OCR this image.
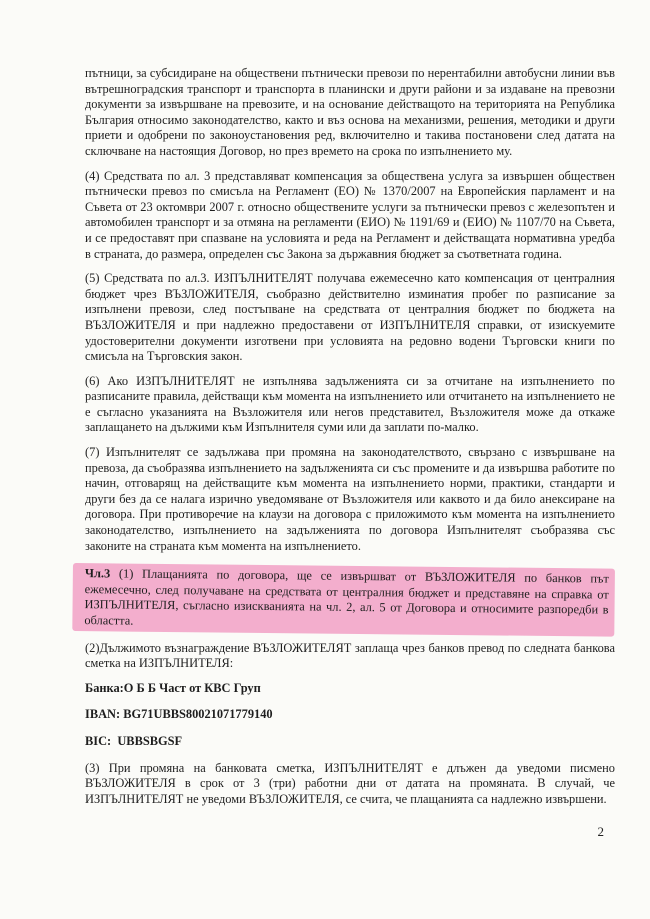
пътници, за субсидиране на обществени пътнически превози по нерентабилни автобусни линии във вътрешноградския транспорт и транспорта в планински и други райони и за издаване на превозни документи за извършване на превозите, и на основание действащото на територията на Република България относимо законодателство, както и въз основа на механизми, решения, методики и други приети и одобрени по законоустановения ред, включително и такива постановени след датата на сключване на настоящия Договор, но през времето на срока по изпълнението му.

(4) Средствата по ал. 3 представляват компенсация за обществена услуга за извършен обществен пътнически превоз по смисъла на Регламент (ЕО) № 1370/2007 на Европейския парламент и на Съвета от 23 октомври 2007 г. относно обществените услуги за пътнически превоз с железопътен и автомобилен транспорт и за отмяна на регламенти (ЕИО) № 1191/69 и (ЕИО) № 1107/70 на Съвета, и се предоставят при спазване на условията и реда на Регламент и действащата нормативна уредба в страната, до размера, определен със Закона за държавния бюджет за съответната година.

(5) Средствата по ал.3. ИЗПЪЛНИТЕЛЯТ получава ежемесечно като компенсация от централния бюджет чрез ВЪЗЛОЖИТЕЛЯ, съобразно действително изминатия пробег по разписание за изпълнени превози, след постъпване на средствата от централния бюджет по бюджета на ВЪЗЛОЖИТЕЛЯ и при надлежно предоставени от ИЗПЪЛНИТЕЛЯ справки, от изискуемите удостоверителни документи изготвени при условията на редовно водени Търговски книги по смисъла на Търговския закон.

(6) Ако ИЗПЪЛНИТЕЛЯТ не изпълнява задълженията си за отчитане на изпълнението по разписаните правила, действащи към момента на изпълнението или отчитането на изпълнението не е съгласно указанията на Възложителя или негов представител, Възложителя може да откаже заплащането на дължими към Изпълнителя суми или да заплати по-малко.

(7) Изпълнителят се задължава при промяна на законодателството, свързано с извършване на превоза, да съобразява изпълнението на задълженията си със промените и да извършва работите по начин, отговарящ на действащите към момента на изпълнението норми, практики, стандарти и други без да се налага изрично уведомяване от Възложителя или каквото и да било анексиране на договора. При противоречие на клаузи на договора с приложимото към момента на изпълнението законодателство, изпълнението на задълженията по договора Изпълнителят съобразява със законите на страната към момента на изпълнението.

Чл.3 (1) Плащанията по договора, ще се извършват от ВЪЗЛОЖИТЕЛЯ по банков път ежемесечно, след получаване на средствата от централния бюджет и представяне на справка от ИЗПЪЛНИТЕЛЯ, съгласно изискванията на чл. 2, ал. 5 от Договора и относимите разпоредби в областта.

(2)Дължимото възнаграждение ВЪЗЛОЖИТЕЛЯТ заплаща чрез банков превод по следната банкова сметка на ИЗПЪЛНИТЕЛЯ:

Банка:О Б Б Част от КВС Груп

IBAN: BG71UBBS80021071779140

BIC:  UBBSBGSF

(3) При промяна на банковата сметка, ИЗПЪЛНИТЕЛЯТ е длъжен да уведоми писмено ВЪЗЛОЖИТЕЛЯ в срок от 3 (три) работни дни от датата на промяната. В случай, че ИЗПЪЛНИТЕЛЯТ не уведоми ВЪЗЛОЖИТЕЛЯ, се счита, че плащанията са надлежно извършени.

2
